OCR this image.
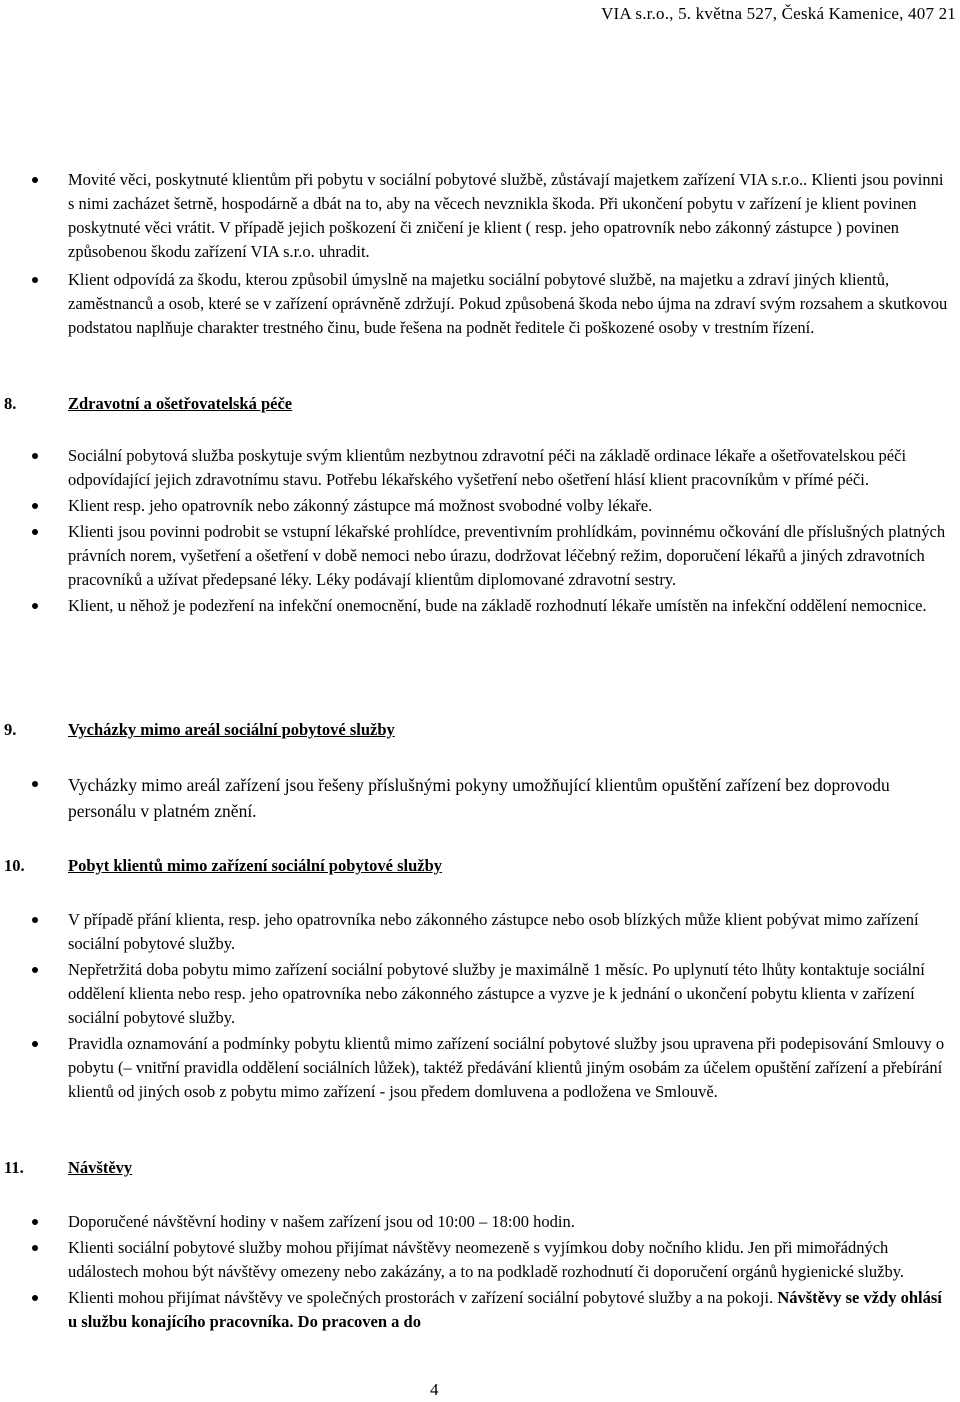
VIA s.r.o., 5. května 527, Česká Kamenice, 407 21

Movité věci, poskytnuté klientům při pobytu v sociální pobytové službě, zůstávají majetkem zařízení VIA s.r.o.. Klienti jsou povinni s nimi zacházet šetrně, hospodárně a dbát na to, aby na věcech nevznikla škoda. Při ukončení pobytu v zařízení je klient povinen poskytnuté věci vrátit. V případě jejich poškození či zničení je klient ( resp. jeho opatrovník nebo zákonný zástupce ) povinen způsobenou škodu zařízení VIA s.r.o. uhradit.

Klient odpovídá za škodu, kterou způsobil úmyslně na majetku sociální pobytové službě, na majetku a zdraví jiných klientů, zaměstnanců a osob, které se v zařízení oprávněně zdržují. Pokud způsobená škoda nebo újma na zdraví svým rozsahem a skutkovou podstatou naplňuje charakter trestného činu, bude řešena na podnět ředitele či poškozené osoby v trestním řízení.

8.	Zdravotní a ošetřovatelská péče

Sociální pobytová služba poskytuje svým klientům nezbytnou zdravotní péči na základě ordinace lékaře a ošetřovatelskou péči odpovídající jejich zdravotnímu stavu. Potřebu lékařského vyšetření nebo ošetření hlásí klient pracovníkům v přímé péči.

Klient resp. jeho opatrovník nebo zákonný zástupce má možnost svobodné volby lékaře.

Klienti jsou povinni podrobit se vstupní lékařské prohlídce, preventivním prohlídkám, povinnému očkování dle příslušných platných právních norem, vyšetření a ošetření v době nemoci nebo úrazu, dodržovat léčebný režim, doporučení lékařů a jiných zdravotních pracovníků a užívat předepsané léky. Léky podávají klientům diplomované zdravotní sestry.

Klient, u něhož je podezření na infekční onemocnění, bude na základě rozhodnutí lékaře umístěn na infekční oddělení nemocnice.

9.	Vycházky mimo areál sociální pobytové služby

Vycházky mimo areál zařízení jsou řešeny příslušnými pokyny umožňující klientům opuštění zařízení bez doprovodu personálu v platném znění.

10.	Pobyt klientů mimo zařízení sociální pobytové služby

V případě přání klienta, resp. jeho opatrovníka nebo zákonného zástupce nebo osob blízkých může klient pobývat mimo zařízení sociální pobytové služby.

Nepřetržitá doba pobytu mimo zařízení sociální pobytové služby je maximálně 1 měsíc. Po uplynutí této lhůty kontaktuje sociální oddělení klienta nebo resp. jeho opatrovníka nebo zákonného zástupce a vyzve je k jednání o ukončení pobytu klienta v zařízení sociální pobytové služby.

Pravidla oznamování a podmínky pobytu klientů mimo zařízení sociální pobytové služby jsou upravena při podepisování Smlouvy o pobytu (– vnitřní pravidla oddělení sociálních lůžek), taktéž předávání klientů jiným osobám za účelem opuštění zařízení a přebírání klientů od jiných osob z pobytu mimo zařízení - jsou předem domluvena a podložena ve Smlouvě.

11.	Návštěvy

Doporučené návštěvní hodiny v našem zařízení jsou od 10:00 – 18:00 hodin.

Klienti sociální pobytové služby mohou přijímat návštěvy neomezeně s vyjímkou doby nočního klidu. Jen při mimořádných událostech mohou být návštěvy omezeny nebo zakázány, a to na podkladě rozhodnutí či doporučení orgánů hygienické služby.

Klienti mohou přijímat návštěvy ve společných prostorách v zařízení sociální pobytové služby a na pokoji. Návštěvy se vždy ohlásí u službu konajícího pracovníka. Do pracoven a do

4
